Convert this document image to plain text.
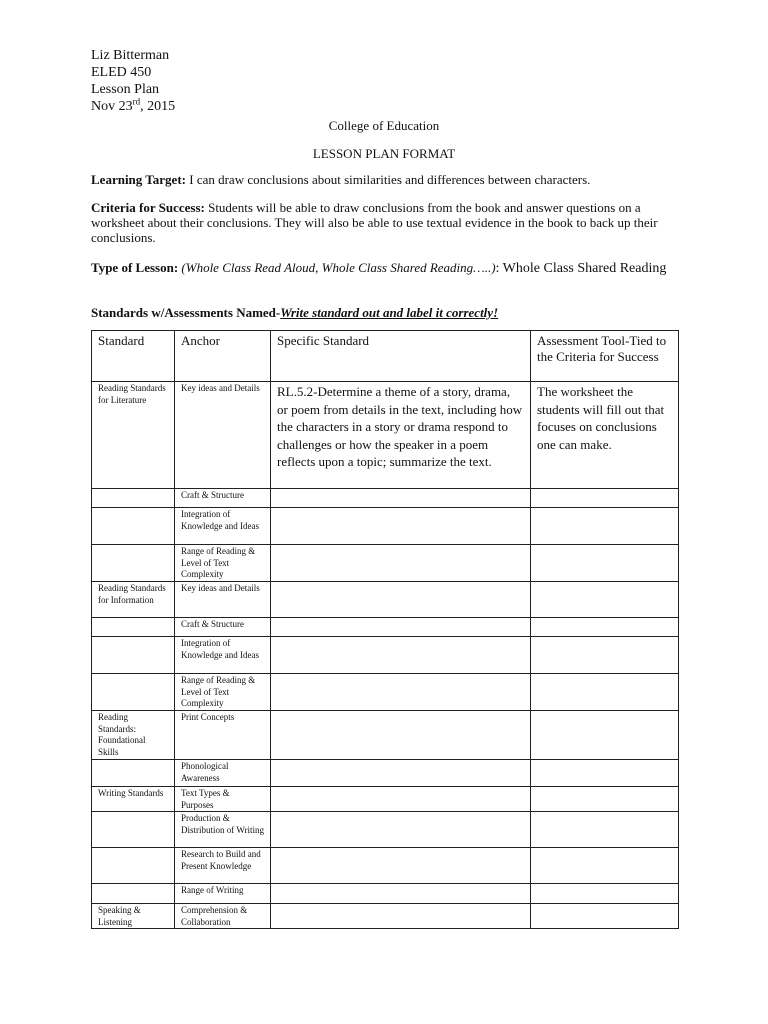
Liz Bitterman
ELED 450
Lesson Plan
Nov 23rd, 2015
College of Education
LESSON PLAN FORMAT
Learning Target: I can draw conclusions about similarities and differences between characters.
Criteria for Success: Students will be able to draw conclusions from the book and answer questions on a worksheet about their conclusions. They will also be able to use textual evidence in the book to back up their conclusions.
Type of Lesson: (Whole Class Read Aloud, Whole Class Shared Reading…..): Whole Class Shared Reading
Standards w/Assessments Named-Write standard out and label it correctly!
Standard	Anchor	Specific Standard	Assessment Tool-Tied to the Criteria for Success
Reading Standards for Literature	Key ideas and Details	RL.5.2-Determine a theme of a story, drama, or poem from details in the text, including how the characters in a story or drama respond to challenges or how the speaker in a poem reflects upon a topic; summarize the text.	The worksheet the students will fill out that focuses on conclusions one can make.
	Craft & Structure		
	Integration of Knowledge and Ideas		
	Range of Reading & Level of Text Complexity		
Reading Standards for Information	Key ideas and Details		
	Craft & Structure		
	Integration of Knowledge and Ideas		
	Range of Reading & Level of Text Complexity		
Reading Standards: Foundational Skills	Print Concepts		
	Phonological Awareness		
Writing Standards	Text Types & Purposes		
	Production & Distribution of Writing		
	Research to Build and Present Knowledge		
	Range of Writing		
Speaking & Listening	Comprehension & Collaboration		
